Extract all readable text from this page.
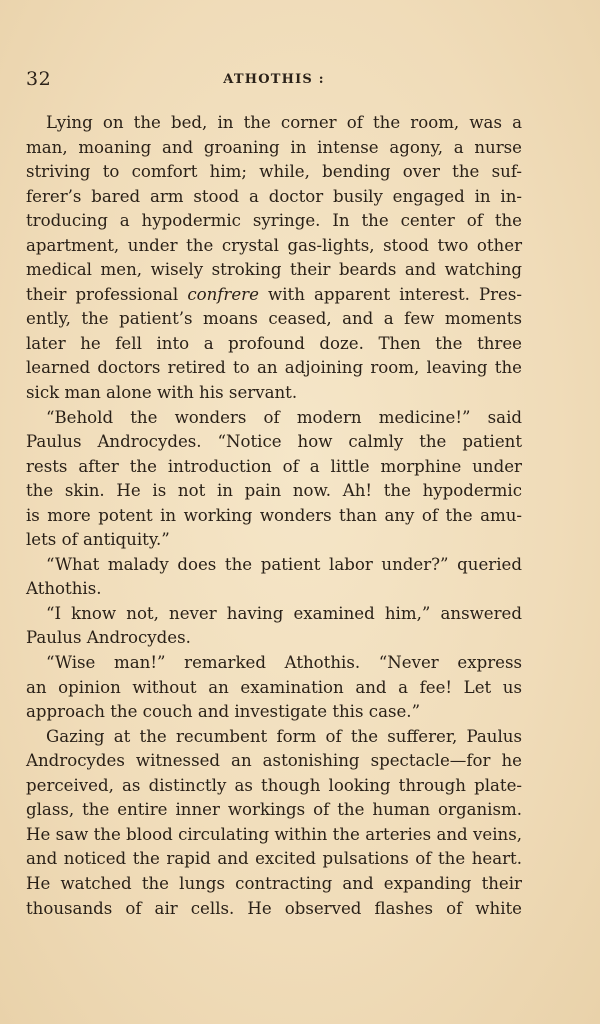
32	ATHOTHIS :
Lying on the bed, in the corner of the room, was a
man, moaning and groaning in intense agony, a nurse
striving to comfort him; while, bending over the suf-
ferer’s bared arm stood a doctor busily engaged in in-
troducing a hypodermic syringe. In the center of the
apartment, under the crystal gas-lights, stood two other
medical men, wisely stroking their beards and watching
their professional confrere with apparent interest. Pres-
ently, the patient’s moans ceased, and a few moments
later he fell into a profound doze. Then the three
learned doctors retired to an adjoining room, leaving the
sick man alone with his servant.
“Behold the wonders of modern medicine!” said
Paulus Androcydes. “Notice how calmly the patient
rests after the introduction of a little morphine under
the skin. He is not in pain now. Ah! the hypodermic
is more potent in working wonders than any of the amu-
lets of antiquity.”
“What malady does the patient labor under?” queried
Athothis.
“I know not, never having examined him,” answered
Paulus Androcydes.
“Wise man!” remarked Athothis. “Never express
an opinion without an examination and a fee! Let us
approach the couch and investigate this case.”
Gazing at the recumbent form of the sufferer, Paulus
Androcydes witnessed an astonishing spectacle—for he
perceived, as distinctly as though looking through plate-
glass, the entire inner workings of the human organism.
He saw the blood circulating within the arteries and veins,
and noticed the rapid and excited pulsations of the heart.
He watched the lungs contracting and expanding their
thousands of air cells. He observed flashes of white
